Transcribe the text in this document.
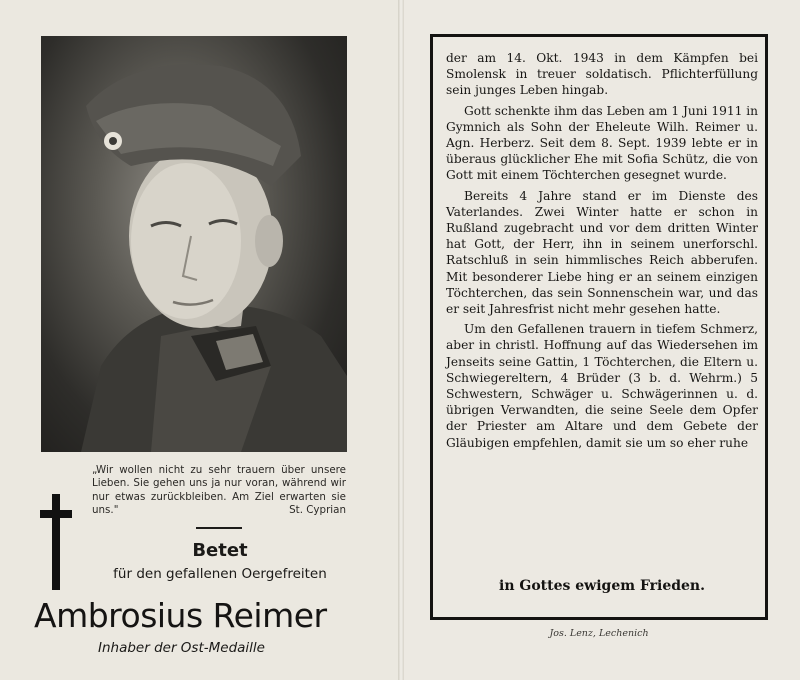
„Wir wollen nicht zu sehr trauern über unsere Lieben. Sie gehen uns ja nur voran, während wir nur etwas zurückbleiben. Am Ziel erwarten sie uns."	St. Cyprian
Betet
für den gefallenen Oergefreiten
Ambrosius Reimer
Inhaber der Ost-Medaille

der am 14. Okt. 1943 in dem Kämpfen bei Smolensk in treuer soldatisch. Pflichterfüllung sein junges Leben hingab.

Gott schenkte ihm das Leben am 1 Juni 1911 in Gymnich als Sohn der Eheleute Wilh. Reimer u. Agn. Herberz. Seit dem 8. Sept. 1939 lebte er in überaus glücklicher Ehe mit Sofia Schütz, die von Gott mit einem Töchterchen gesegnet wurde.

Bereits 4 Jahre stand er im Dienste des Vaterlandes. Zwei Winter hatte er schon in Rußland zugebracht und vor dem dritten Winter hat Gott, der Herr, ihn in seinem unerforschl. Ratschluß in sein himmlisches Reich abberufen. Mit besonderer Liebe hing er an seinem einzigen Töchterchen, das sein Sonnenschein war, und das er seit Jahresfrist nicht mehr gesehen hatte.

Um den Gefallenen trauern in tiefem Schmerz, aber in christl. Hoffnung auf das Wiedersehen im Jenseits seine Gattin, 1 Töchterchen, die Eltern u. Schwiegereltern, 4 Brüder (3 b. d. Wehrm.) 5 Schwestern, Schwäger u. Schwägerinnen u. d. übrigen Verwandten, die seine Seele dem Opfer der Priester am Altare und dem Gebete der Gläubigen empfehlen, damit sie um so eher ruhe

in Gottes ewigem Frieden.
Jos. Lenz, Lechenich
